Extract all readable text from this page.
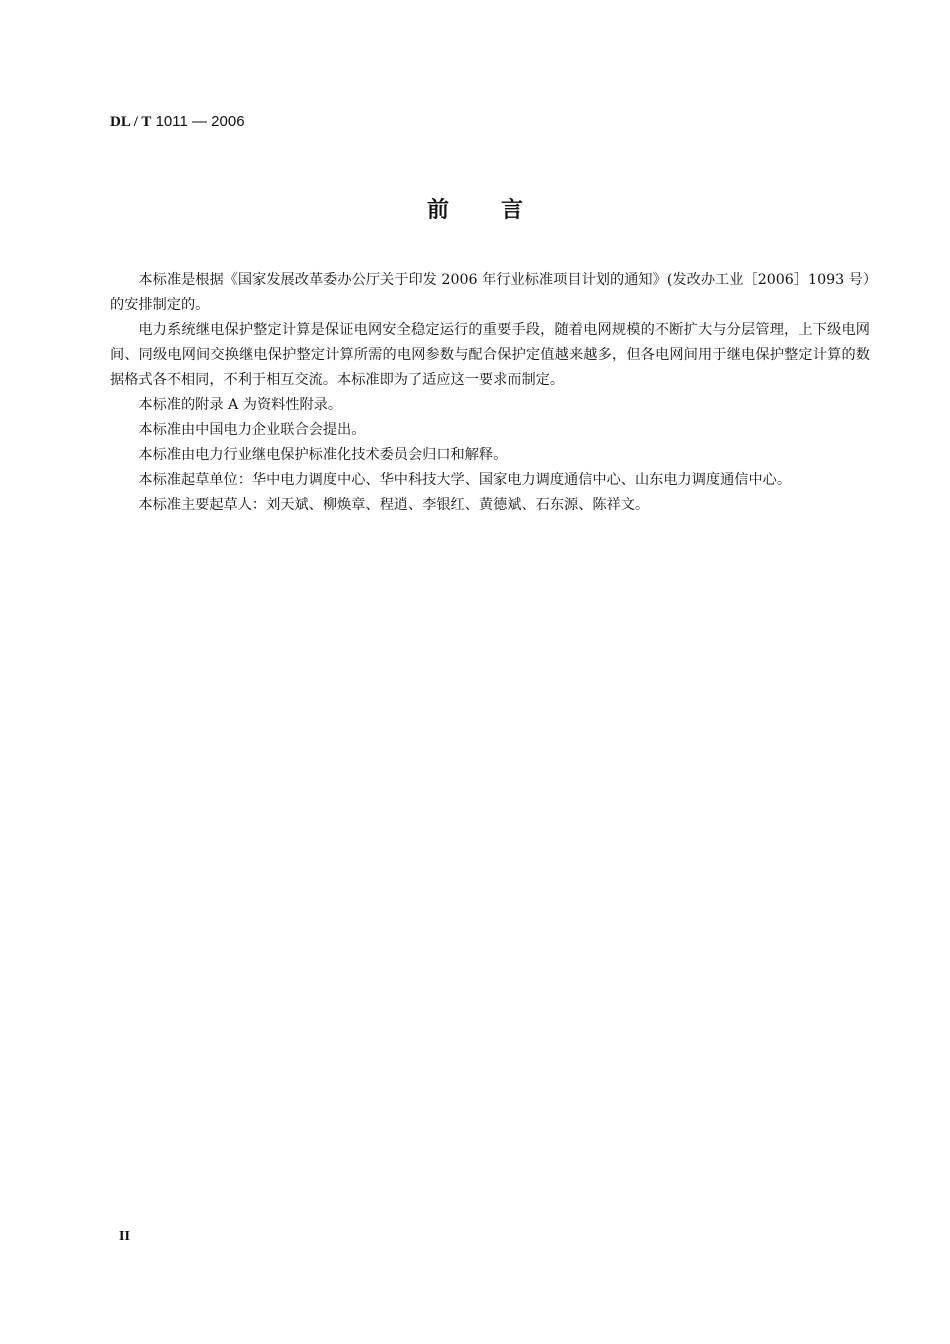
DL / T 1011 — 2006
前 言

本标准是根据《国家发展改革委办公厅关于印发 2006 年行业标准项目计划的通知》(发改办工业［2006］1093 号）的安排制定的。

电力系统继电保护整定计算是保证电网安全稳定运行的重要手段，随着电网规模的不断扩大与分层管理，上下级电网间、同级电网间交换继电保护整定计算所需的电网参数与配合保护定值越来越多，但各电网间用于继电保护整定计算的数据格式各不相同，不利于相互交流。本标准即为了适应这一要求而制定。

本标准的附录 A 为资料性附录。

本标准由中国电力企业联合会提出。

本标准由电力行业继电保护标准化技术委员会归口和解释。

本标准起草单位：华中电力调度中心、华中科技大学、国家电力调度通信中心、山东电力调度通信中心。

本标准主要起草人：刘天斌、柳焕章、程逍、李银红、黄德斌、石东源、陈祥文。

II
